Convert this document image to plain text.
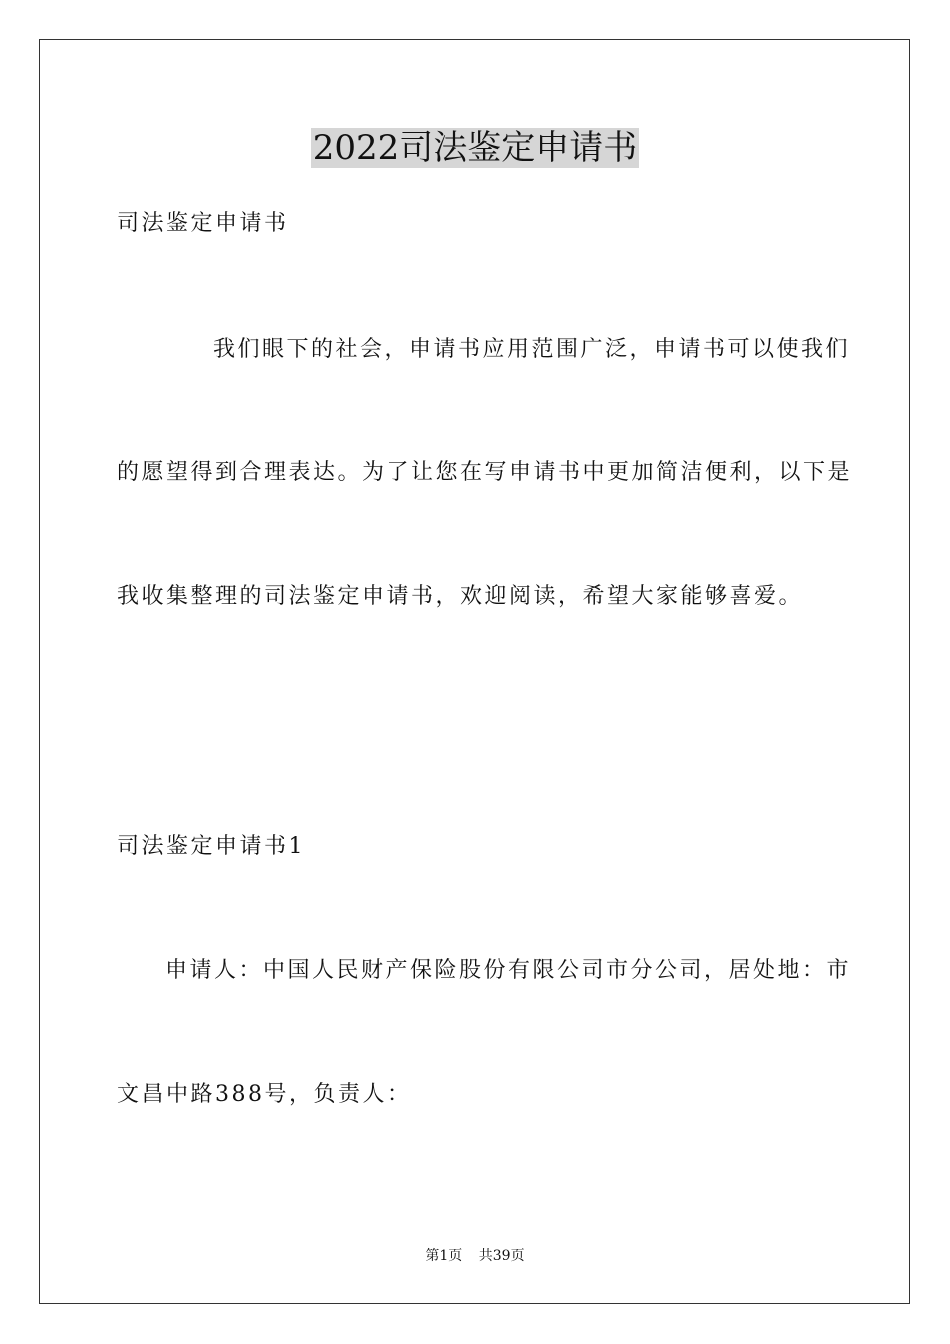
2022司法鉴定申请书
司法鉴定申请书
我们眼下的社会，申请书应用范围广泛，申请书可以使我们
的愿望得到合理表达。为了让您在写申请书中更加简洁便利，以下是
我收集整理的司法鉴定申请书，欢迎阅读，希望大家能够喜爱。
司法鉴定申请书1
申请人：中国人民财产保险股份有限公司市分公司，居处地：市
文昌中路388号，负责人：
第1页 共39页
